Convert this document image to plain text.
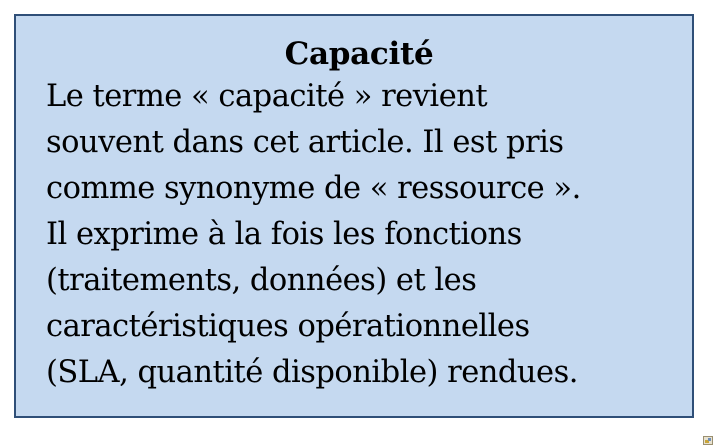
Capacité
Le terme « capacité » revient
souvent dans cet article. Il est pris
comme synonyme de « ressource ».
Il exprime à la fois les fonctions
(traitements, données) et les
caractéristiques opérationnelles
(SLA, quantité disponible) rendues.
